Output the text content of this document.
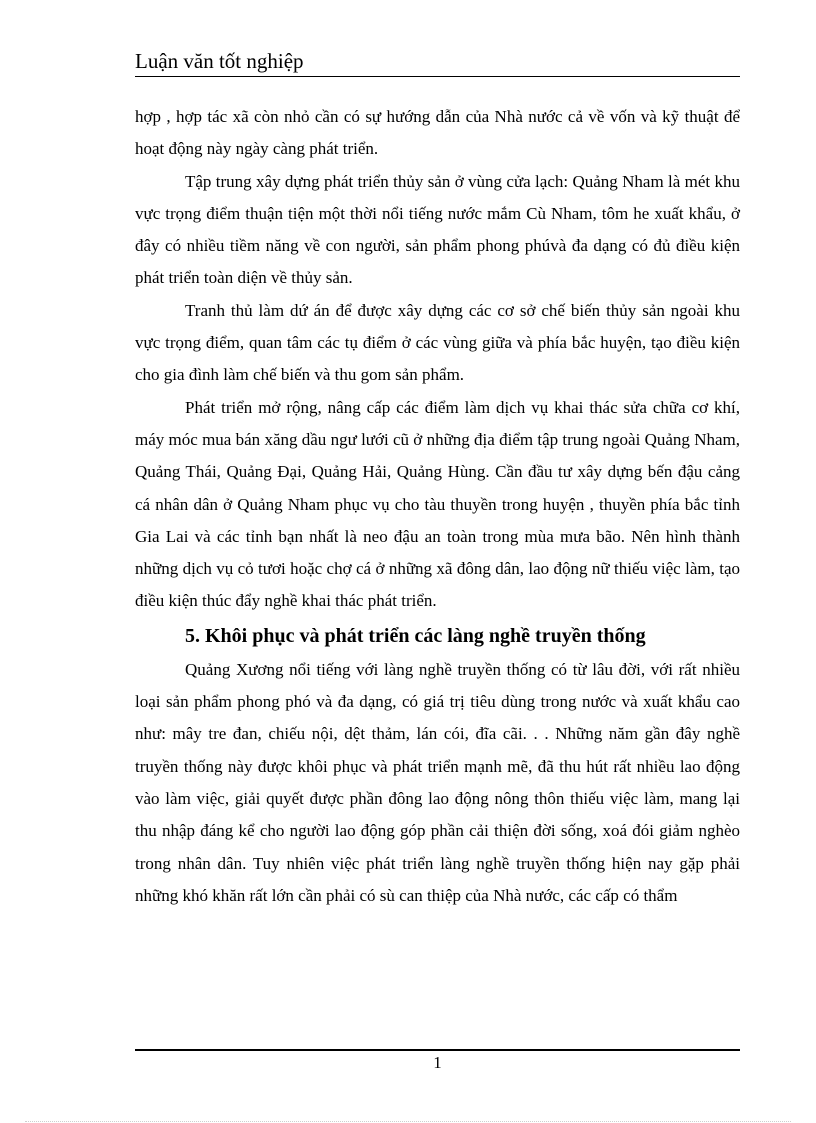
Luận văn tốt nghiệp

hợp , hợp tác xã còn nhỏ cần có sự hướng dẫn của Nhà nước cả về vốn và kỹ thuật để hoạt động này ngày càng phát triển.

Tập trung xây dựng phát triển thủy sản ở vùng cửa lạch: Quảng Nham là mét khu vực trọng điểm thuận tiện một thời nổi tiếng nước mắm Cù Nham, tôm he xuất khẩu, ở đây có nhiều tiềm năng về con người, sản phẩm phong phúvà đa dạng có đủ điều kiện phát triển toàn diện về thủy sản.

Tranh thủ làm dứ án để được xây dựng các cơ sở chế biến thủy sản ngoài khu vực trọng điểm, quan tâm các tụ điểm ở các vùng giữa và phía bắc huyện, tạo điều kiện cho gia đình làm chế biến và thu gom sản phẩm.

Phát triển mở rộng, nâng cấp các điểm làm dịch vụ khai thác sửa chữa cơ khí, máy móc mua bán xăng dầu ngư lưới cũ ở những địa điểm tập trung ngoài Quảng Nham, Quảng Thái, Quảng Đại, Quảng Hải, Quảng Hùng. Cần đầu tư xây dựng bến đậu cảng cá nhân dân ở Quảng Nham phục vụ cho tàu thuyền trong huyện , thuyền phía bắc tỉnh Gia Lai và các tỉnh bạn nhất là neo đậu an toàn trong mùa mưa bão. Nên hình thành những dịch vụ cỏ tươi hoặc chợ cá ở những xã đông dân, lao động nữ thiếu việc làm, tạo điều kiện thúc đẩy nghề khai thác phát triển.

5. Khôi phục và phát triển các làng nghề truyền thống

Quảng Xương nổi tiếng với làng nghề truyền thống có từ lâu đời, với rất nhiều loại sản phẩm phong phó và đa dạng, có giá trị tiêu dùng trong nước và xuất khẩu cao như: mây tre đan, chiếu nội, dệt thảm, lán cói, đĩa cãi. . . Những năm gần đây nghề truyền thống này được khôi phục và phát triển mạnh mẽ, đã thu hút rất nhiều lao động vào làm việc, giải quyết được phần đông lao động nông thôn thiếu việc làm, mang lại thu nhập đáng kể cho người lao động góp phần cải thiện đời sống, xoá đói giảm nghèo trong nhân dân. Tuy nhiên việc phát triển làng nghề truyền thống hiện nay gặp phải những khó khăn rất lớn cần phải có sù can thiệp của Nhà nước, các cấp có thẩm

1
